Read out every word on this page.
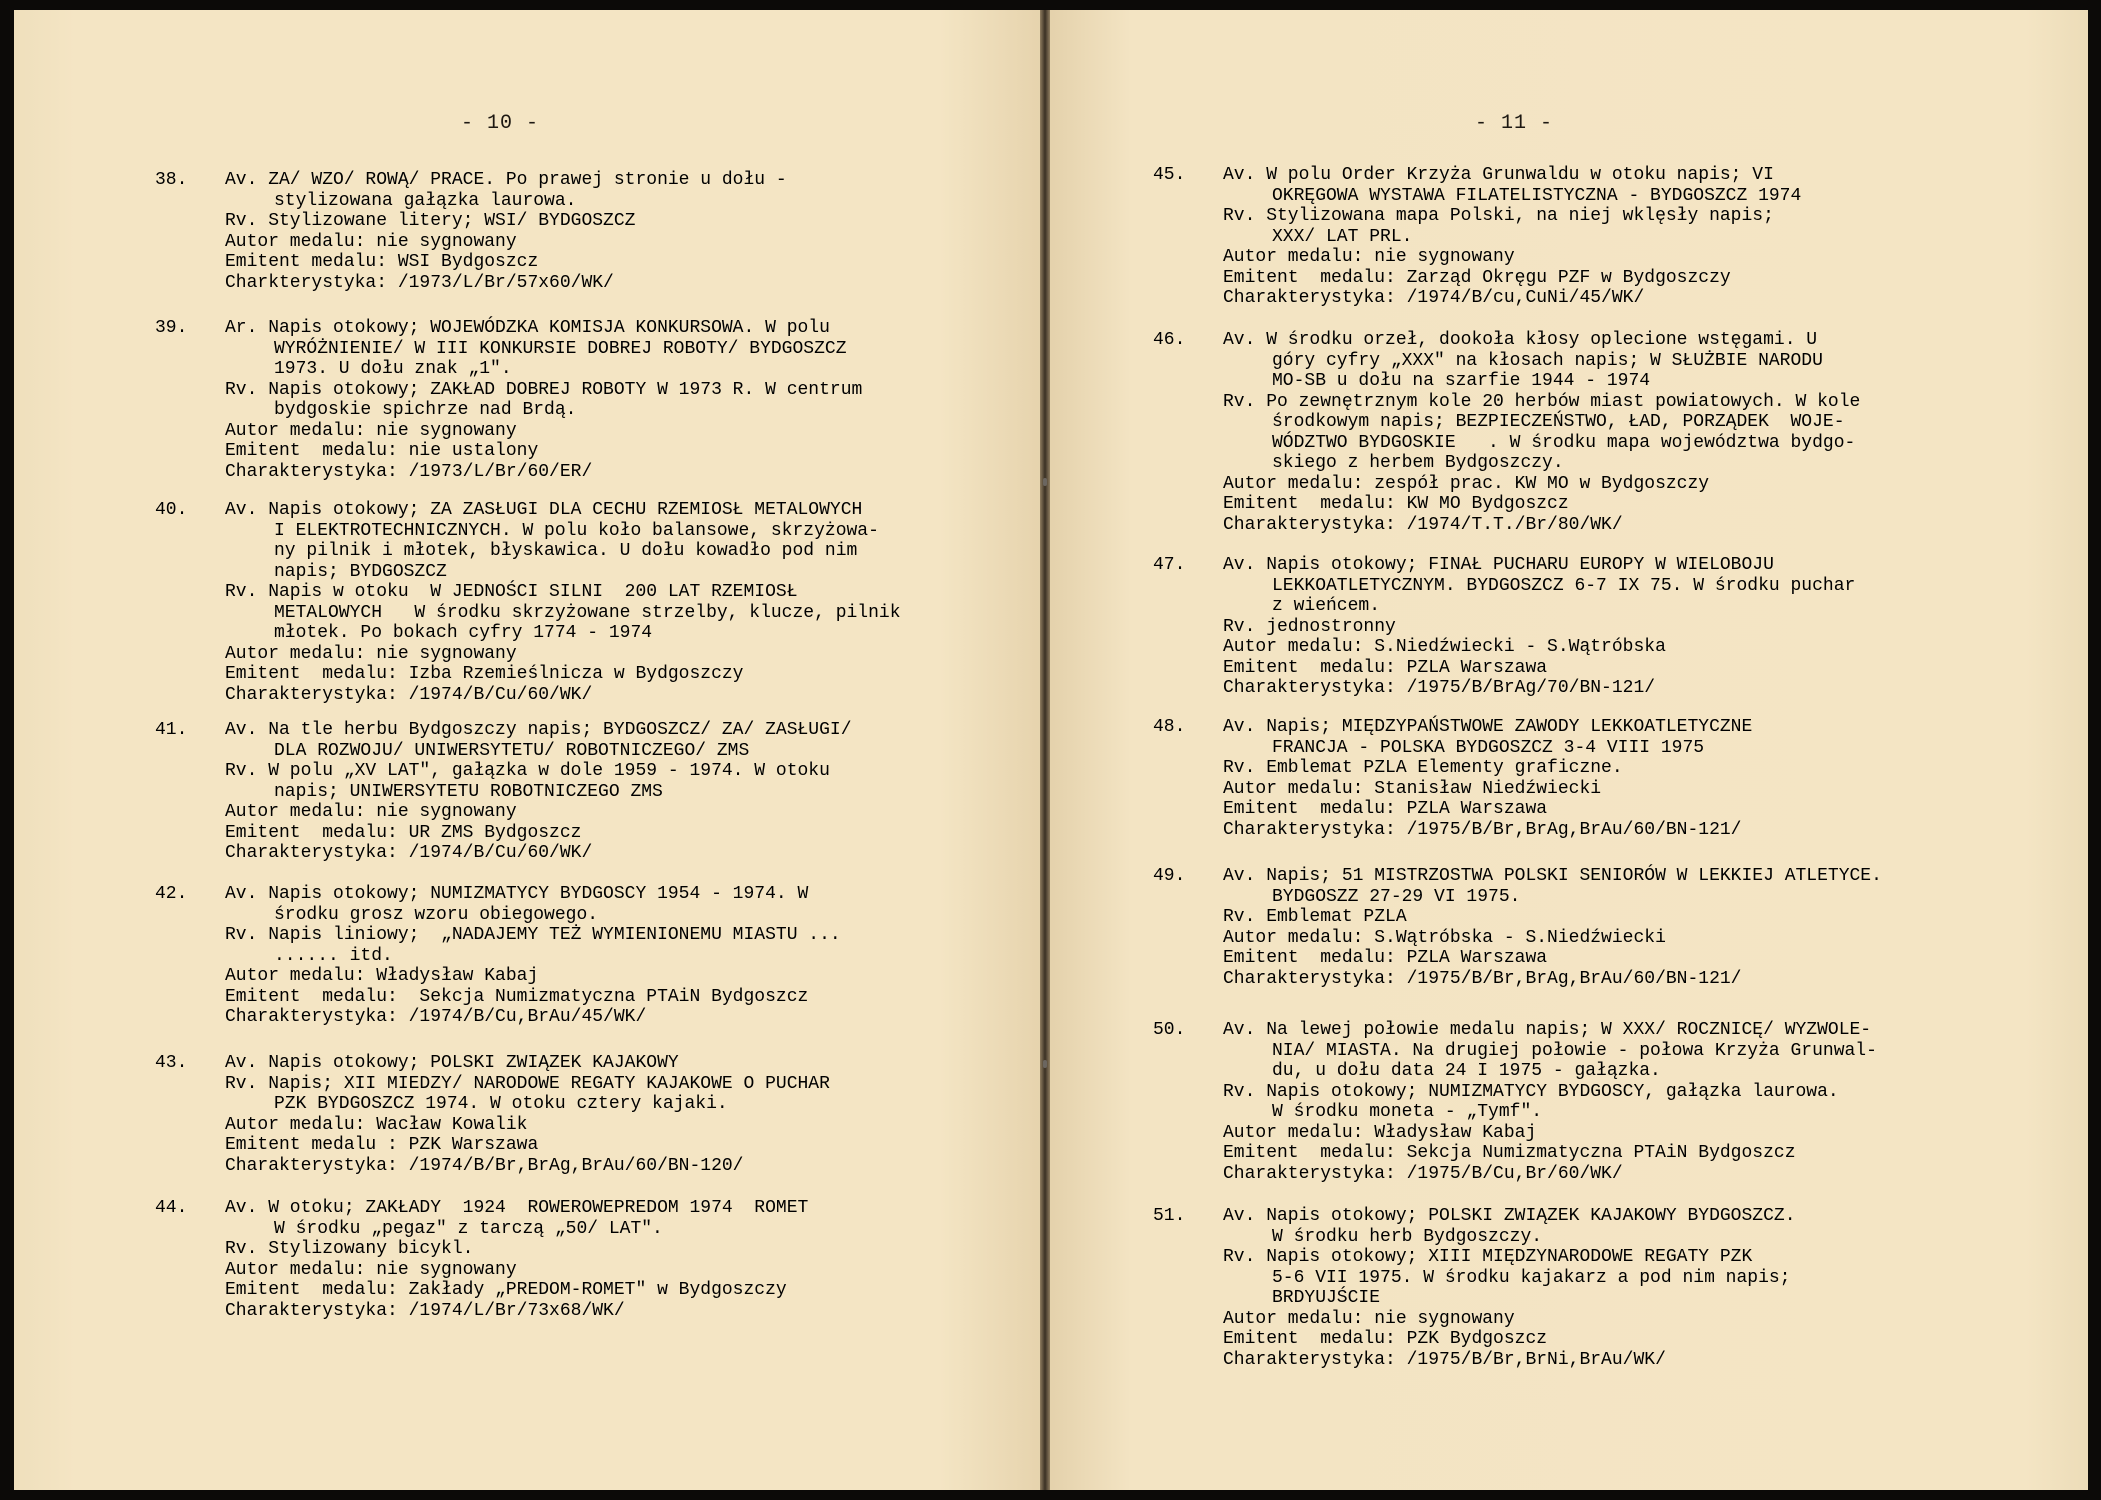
- 10 -	- 11 -
38.	Av. ZA/ WZO/ ROWĄ/ PRACE. Po prawej stronie u dołu -
stylizowana gałązka laurowa.
Rv. Stylizowane litery; WSI/ BYDGOSZCZ
Autor medalu: nie sygnowany
Emitent medalu: WSI Bydgoszcz
Charkterystyka: /1973/L/Br/57x60/WK/
39.	Ar. Napis otokowy; WOJEWÓDZKA KOMISJA KONKURSOWA. W polu
WYRÓŻNIENIE/ W III KONKURSIE DOBREJ ROBOTY/ BYDGOSZCZ
1973. U dołu znak „1".
Rv. Napis otokowy; ZAKŁAD DOBREJ ROBOTY W 1973 R. W centrum
bydgoskie spichrze nad Brdą.
Autor medalu: nie sygnowany
Emitent  medalu: nie ustalony
Charakterystyka: /1973/L/Br/60/ER/
40.	Av. Napis otokowy; ZA ZASŁUGI DLA CECHU RZEMIOSŁ METALOWYCH
I ELEKTROTECHNICZNYCH. W polu koło balansowe, skrzyżowa-
ny pilnik i młotek, błyskawica. U dołu kowadło pod nim
napis; BYDGOSZCZ
Rv. Napis w otoku  W JEDNOŚCI SILNI  200 LAT RZEMIOSŁ
METALOWYCH   W środku skrzyżowane strzelby, klucze, pilnik
młotek. Po bokach cyfry 1774 - 1974
Autor medalu: nie sygnowany
Emitent  medalu: Izba Rzemieślnicza w Bydgoszczy
Charakterystyka: /1974/B/Cu/60/WK/
41.	Av. Na tle herbu Bydgoszczy napis; BYDGOSZCZ/ ZA/ ZASŁUGI/
DLA ROZWOJU/ UNIWERSYTETU/ ROBOTNICZEGO/ ZMS
Rv. W polu „XV LAT", gałązka w dole 1959 - 1974. W otoku
napis; UNIWERSYTETU ROBOTNICZEGO ZMS
Autor medalu: nie sygnowany
Emitent  medalu: UR ZMS Bydgoszcz
Charakterystyka: /1974/B/Cu/60/WK/
42.	Av. Napis otokowy; NUMIZMATYCY BYDGOSCY 1954 - 1974. W
środku grosz wzoru obiegowego.
Rv. Napis liniowy;  „NADAJEMY TEŻ WYMIENIONEMU MIASTU ...
...... itd.
Autor medalu: Władysław Kabaj
Emitent  medalu:  Sekcja Numizmatyczna PTAiN Bydgoszcz
Charakterystyka: /1974/B/Cu,BrAu/45/WK/
43.	Av. Napis otokowy; POLSKI ZWIĄZEK KAJAKOWY
Rv. Napis; XII MIEDZY/ NARODOWE REGATY KAJAKOWE O PUCHAR
PZK BYDGOSZCZ 1974. W otoku cztery kajaki.
Autor medalu: Wacław Kowalik
Emitent medalu : PZK Warszawa
Charakterystyka: /1974/B/Br,BrAg,BrAu/60/BN-120/
44.	Av. W otoku; ZAKŁADY  1924  ROWEROWEPREDOM 1974  ROMET
W środku „pegaz" z tarczą „50/ LAT".
Rv. Stylizowany bicykl.
Autor medalu: nie sygnowany
Emitent  medalu: Zakłady „PREDOM-ROMET" w Bydgoszczy
Charakterystyka: /1974/L/Br/73x68/WK/
45.	Av. W polu Order Krzyża Grunwaldu w otoku napis; VI
OKRĘGOWA WYSTAWA FILATELISTYCZNA - BYDGOSZCZ 1974
Rv. Stylizowana mapa Polski, na niej wklęsły napis;
XXX/ LAT PRL.
Autor medalu: nie sygnowany
Emitent  medalu: Zarząd Okręgu PZF w Bydgoszczy
Charakterystyka: /1974/B/cu,CuNi/45/WK/
46.	Av. W środku orzeł, dookoła kłosy oplecione wstęgami. U
góry cyfry „XXX" na kłosach napis; W SŁUŻBIE NARODU
MO-SB u dołu na szarfie 1944 - 1974
Rv. Po zewnętrznym kole 20 herbów miast powiatowych. W kole
środkowym napis; BEZPIECZEŃSTWO, ŁAD, PORZĄDEK  WOJE-
WÓDZTWO BYDGOSKIE   . W środku mapa województwa bydgo-
skiego z herbem Bydgoszczy.
Autor medalu: zespół prac. KW MO w Bydgoszczy
Emitent  medalu: KW MO Bydgoszcz
Charakterystyka: /1974/T.T./Br/80/WK/
47.	Av. Napis otokowy; FINAŁ PUCHARU EUROPY W WIELOBOJU
LEKKOATLETYCZNYM. BYDGOSZCZ 6-7 IX 75. W środku puchar
z wieńcem.
Rv. jednostronny
Autor medalu: S.Niedźwiecki - S.Wątróbska
Emitent  medalu: PZLA Warszawa
Charakterystyka: /1975/B/BrAg/70/BN-121/
48.	Av. Napis; MIĘDZYPAŃSTWOWE ZAWODY LEKKOATLETYCZNE
FRANCJA - POLSKA BYDGOSZCZ 3-4 VIII 1975
Rv. Emblemat PZLA Elementy graficzne.
Autor medalu: Stanisław Niedźwiecki
Emitent  medalu: PZLA Warszawa
Charakterystyka: /1975/B/Br,BrAg,BrAu/60/BN-121/
49.	Av. Napis; 51 MISTRZOSTWA POLSKI SENIORÓW W LEKKIEJ ATLETYCE.
BYDGOSZZ 27-29 VI 1975.
Rv. Emblemat PZLA
Autor medalu: S.Wątróbska - S.Niedźwiecki
Emitent  medalu: PZLA Warszawa
Charakterystyka: /1975/B/Br,BrAg,BrAu/60/BN-121/
50.	Av. Na lewej połowie medalu napis; W XXX/ ROCZNICĘ/ WYZWOLE-
NIA/ MIASTA. Na drugiej połowie - połowa Krzyża Grunwal-
du, u dołu data 24 I 1975 - gałązka.
Rv. Napis otokowy; NUMIZMATYCY BYDGOSCY, gałązka laurowa.
W środku moneta - „Tymf".
Autor medalu: Władysław Kabaj
Emitent  medalu: Sekcja Numizmatyczna PTAiN Bydgoszcz
Charakterystyka: /1975/B/Cu,Br/60/WK/
51.	Av. Napis otokowy; POLSKI ZWIĄZEK KAJAKOWY BYDGOSZCZ.
W środku herb Bydgoszczy.
Rv. Napis otokowy; XIII MIĘDZYNARODOWE REGATY PZK
5-6 VII 1975. W środku kajakarz a pod nim napis;
BRDYUJŚCIE
Autor medalu: nie sygnowany
Emitent  medalu: PZK Bydgoszcz
Charakterystyka: /1975/B/Br,BrNi,BrAu/WK/
